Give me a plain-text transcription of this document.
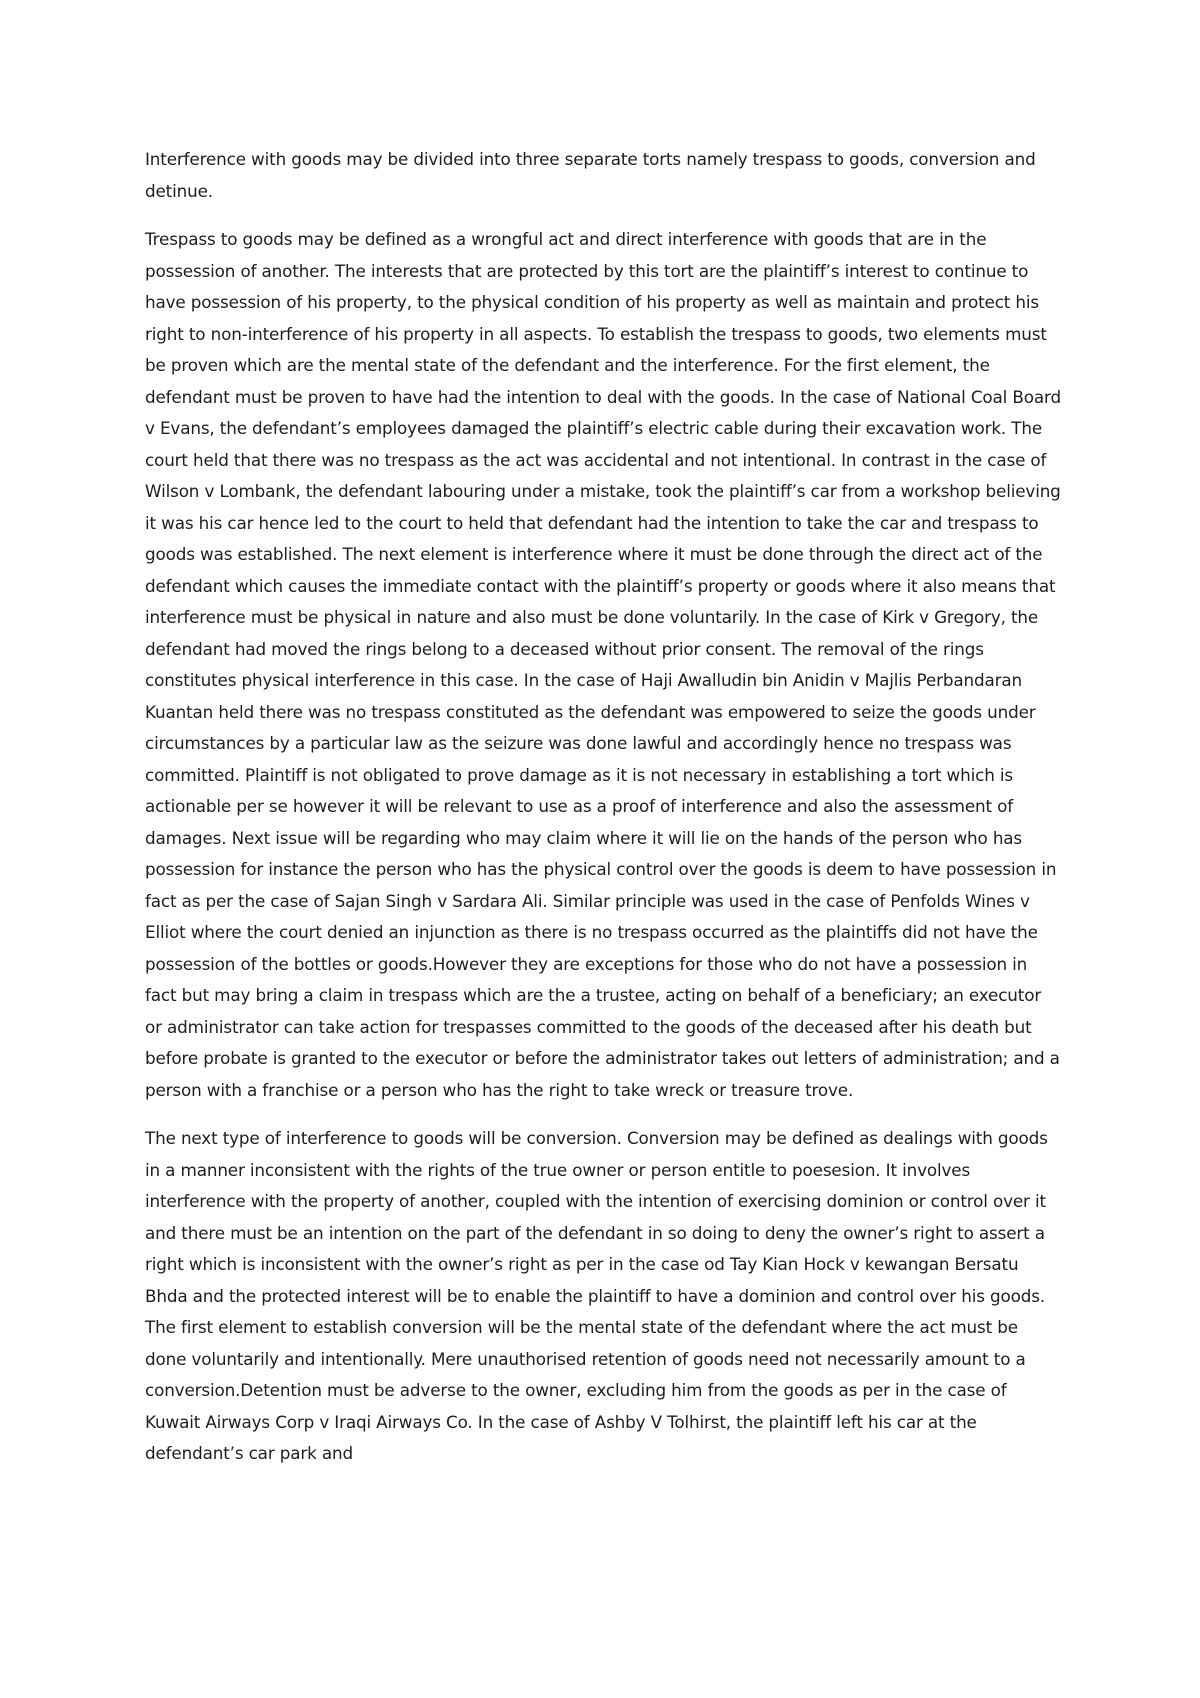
Interference with goods may be divided into three separate torts namely trespass to goods, conversion and detinue.

Trespass to goods may be defined as a wrongful act and direct interference with goods that are in the possession of another. The interests that are protected by this tort are the plaintiff’s interest to continue to have possession of his property, to the physical condition of his property as well as maintain and protect his right to non-interference of his property in all aspects. To establish the trespass to goods, two elements must be proven which are the mental state of the defendant and the interference. For the first element, the defendant must be proven to have had the intention to deal with the goods. In the case of National Coal Board v Evans, the defendant’s employees damaged the plaintiff’s electric cable during their excavation work. The court held that there was no trespass as the act was accidental and not intentional. In contrast in the case of Wilson v Lombank, the defendant labouring under a mistake, took the plaintiff’s car from a workshop believing it was his car hence led to the court to held that defendant had the intention to take the car and trespass to goods was established. The next element is interference where it must be done through the direct act of the defendant which causes the immediate contact with the plaintiff’s property or goods where it also means that interference must be physical in nature and also must be done voluntarily. In the case of Kirk v Gregory, the defendant had moved the rings belong to a deceased without prior consent. The removal of the rings constitutes physical interference in this case. In the case of Haji Awalludin bin Anidin v Majlis Perbandaran Kuantan held there was no trespass constituted as the defendant was empowered to seize the goods under circumstances by a particular law as the seizure was done lawful and accordingly hence no trespass was committed. Plaintiff is not obligated to prove damage as it is not necessary in establishing a tort which is actionable per se however it will be relevant to use as a proof of interference and also the assessment of damages. Next issue will be regarding who may claim where it will lie on the hands of the person who has possession for instance the person who has the physical control over the goods is deem to have possession in fact as per the case of Sajan Singh v Sardara Ali. Similar principle was used in the case of Penfolds Wines v Elliot where the court denied an injunction as there is no trespass occurred as the plaintiffs did not have the possession of the bottles or goods.However they are exceptions for those who do not have a possession in fact but may bring a claim in trespass which are the a trustee, acting on behalf of a beneficiary; an executor or administrator can take action for trespasses committed to the goods of the deceased after his death but before probate is granted to the executor or before the administrator takes out letters of administration; and a person with a franchise or a person who has the right to take wreck or treasure trove.

The next type of interference to goods will be conversion. Conversion may be defined as dealings with goods in a manner inconsistent with the rights of the true owner or person entitle to poesesion. It involves interference with the property of another, coupled with the intention of exercising dominion or control over it and there must be an intention on the part of the defendant in so doing to deny the owner’s right to assert a right which is inconsistent with the owner’s right as per in the case od Tay Kian Hock v kewangan Bersatu Bhda and the protected interest will be to enable the plaintiff to have a dominion and control over his goods. The first element to establish conversion will be the mental state of the defendant where the act must be done voluntarily and intentionally. Mere unauthorised retention of goods need not necessarily amount to a conversion.Detention must be adverse to the owner, excluding him from the goods as per in the case of Kuwait Airways Corp v Iraqi Airways Co. In the case of Ashby V Tolhirst, the plaintiff left his car at the defendant’s car park and
